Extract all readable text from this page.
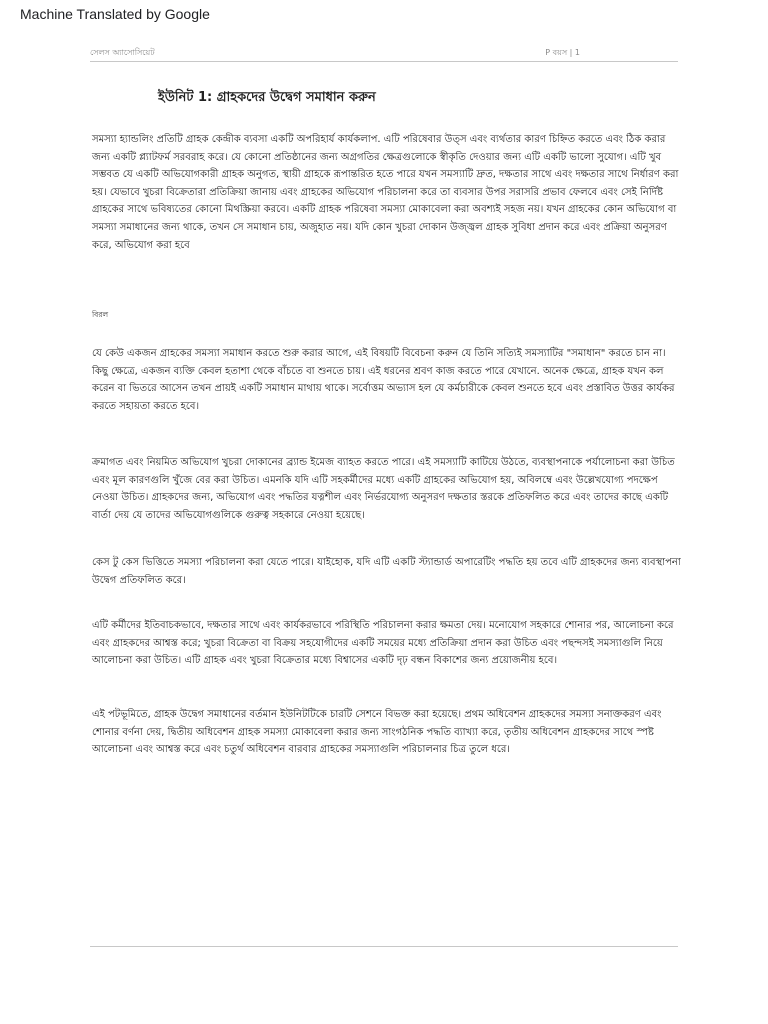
Machine Translated by Google
সেলস অ্যাসোসিয়েট	P বয়স | 1
ইউনিট 1: গ্রাহকদের উদ্বেগ সমাধান করুন

সমস্যা হ্যান্ডলিং প্রতিটি গ্রাহক কেন্দ্রীক ব্যবসা একটি অপরিহার্য কার্যকলাপ. এটি পরিষেবার উত্স এবং ব্যর্থতার কারণ চিহ্নিত করতে এবং ঠিক করার জন্য একটি প্ল্যাটফর্ম সরবরাহ করে। যে কোনো প্রতিষ্ঠানের জন্য অগ্রগতির ক্ষেত্রগুলোকে স্বীকৃতি দেওয়ার জন্য এটি একটি ভালো সুযোগ। এটি খুব সম্ভবত যে একটি অভিযোগকারী গ্রাহক অনুগত, স্থায়ী গ্রাহকে রূপান্তরিত হতে পারে যখন সমস্যাটি দ্রুত, দক্ষতার সাথে এবং দক্ষতার সাথে নির্ধারণ করা হয়। যেভাবে খুচরা বিক্রেতারা প্রতিক্রিয়া জানায় এবং গ্রাহকের অভিযোগ পরিচালনা করে তা ব্যবসার উপর সরাসরি প্রভাব ফেলবে এবং সেই নির্দিষ্ট গ্রাহকের সাথে ভবিষ্যতের কোনো মিথস্ক্রিয়া করবে। একটি গ্রাহক পরিষেবা সমস্যা মোকাবেলা করা অবশ্যই সহজ নয়। যখন গ্রাহকের কোন অভিযোগ বা সমস্যা সমাধানের জন্য থাকে, তখন সে সমাধান চায়, অজুহাত নয়। যদি কোন খুচরা দোকান উজ্জ্বল গ্রাহক সুবিধা প্রদান করে এবং প্রক্রিয়া অনুসরণ করে, অভিযোগ করা হবে

বিরল

যে কেউ একজন গ্রাহকের সমস্যা সমাধান করতে শুরু করার আগে, এই বিষয়টি বিবেচনা করুন যে তিনি সত্যিই সমস্যাটির "সমাধান" করতে চান না। কিছু ক্ষেত্রে, একজন ব্যক্তি কেবল হতাশা থেকে বাঁচতে বা শুনতে চায়। এই ধরনের শ্রবণ কাজ করতে পারে যেখানে. অনেক ক্ষেত্রে, গ্রাহক যখন কল করেন বা ভিতরে আসেন তখন প্রায়ই একটি সমাধান মাথায় থাকে। সর্বোত্তম অভ্যাস হল যে কর্মচারীকে কেবল শুনতে হবে এবং প্রস্তাবিত উত্তর কার্যকর করতে সহায়তা করতে হবে।

ক্রমাগত এবং নিয়মিত অভিযোগ খুচরা দোকানের ব্র্যান্ড ইমেজ ব্যাহত করতে পারে। এই সমস্যাটি কাটিয়ে উঠতে, ব্যবস্থাপনাকে পর্যালোচনা করা উচিত এবং মূল কারণগুলি খুঁজে বের করা উচিত। এমনকি যদি এটি সহকর্মীদের মধ্যে একটি গ্রাহকের অভিযোগ হয়, অবিলম্বে এবং উল্লেখযোগ্য পদক্ষেপ নেওয়া উচিত। গ্রাহকদের জন্য, অভিযোগ এবং পদ্ধতির যত্নশীল এবং নির্ভরযোগ্য অনুসরণ দক্ষতার স্তরকে প্রতিফলিত করে এবং তাদের কাছে একটি বার্তা দেয় যে তাদের অভিযোগগুলিকে গুরুত্ব সহকারে নেওয়া হয়েছে।

কেস টু কেস ভিত্তিতে সমস্যা পরিচালনা করা যেতে পারে। যাইহোক, যদি এটি একটি স্ট্যান্ডার্ড অপারেটিং পদ্ধতি হয় তবে এটি গ্রাহকদের জন্য ব্যবস্থাপনা উদ্বেগ প্রতিফলিত করে।

এটি কর্মীদের ইতিবাচকভাবে, দক্ষতার সাথে এবং কার্যকরভাবে পরিস্থিতি পরিচালনা করার ক্ষমতা দেয়। মনোযোগ সহকারে শোনার পর, আলোচনা করে এবং গ্রাহকদের আশ্বস্ত করে; খুচরা বিক্রেতা বা বিক্রয় সহযোগীদের একটি সময়ের মধ্যে প্রতিক্রিয়া প্রদান করা উচিত এবং পছন্দসই সমস্যাগুলি নিয়ে আলোচনা করা উচিত। এটি গ্রাহক এবং খুচরা বিক্রেতার মধ্যে বিশ্বাসের একটি দৃঢ় বন্ধন বিকাশের জন্য প্রয়োজনীয় হবে।

এই পটভূমিতে, গ্রাহক উদ্বেগ সমাধানের বর্তমান ইউনিটটিকে চারটি সেশনে বিভক্ত করা হয়েছে। প্রথম অধিবেশন গ্রাহকদের সমস্যা সনাক্তকরণ এবং শোনার বর্ণনা দেয়, দ্বিতীয় অধিবেশন গ্রাহক সমস্যা মোকাবেলা করার জন্য সাংগঠনিক পদ্ধতি ব্যাখ্যা করে, তৃতীয় অধিবেশন গ্রাহকদের সাথে স্পষ্ট আলোচনা এবং আশ্বস্ত করে এবং চতুর্থ অধিবেশন বারবার গ্রাহকের সমস্যাগুলি পরিচালনার চিত্র তুলে ধরে।
